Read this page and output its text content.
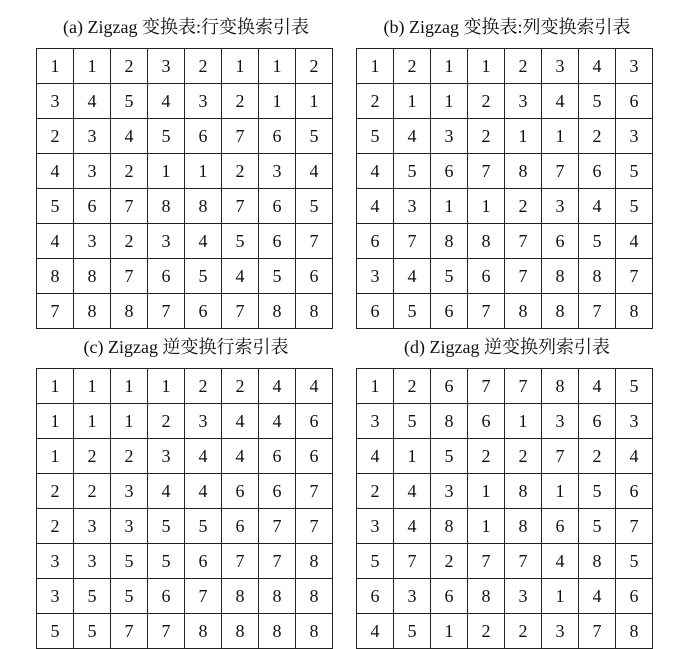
(a) Zigzag 变换表:行变换索引表
1	1	2	3	2	1	1	2
3	4	5	4	3	2	1	1
2	3	4	5	6	7	6	5
4	3	2	1	1	2	3	4
5	6	7	8	8	7	6	5
4	3	2	3	4	5	6	7
8	8	7	6	5	4	5	6
7	8	8	7	6	7	8	8
(b) Zigzag 变换表:列变换索引表
1	2	1	1	2	3	4	3
2	1	1	2	3	4	5	6
5	4	3	2	1	1	2	3
4	5	6	7	8	7	6	5
4	3	1	1	2	3	4	5
6	7	8	8	7	6	5	4
3	4	5	6	7	8	8	7
6	5	6	7	8	8	7	8
(c) Zigzag 逆变换行索引表
1	1	1	1	2	2	4	4
1	1	1	2	3	4	4	6
1	2	2	3	4	4	6	6
2	2	3	4	4	6	6	7
2	3	3	5	5	6	7	7
3	3	5	5	6	7	7	8
3	5	5	6	7	8	8	8
5	5	7	7	8	8	8	8
(d) Zigzag 逆变换列索引表
1	2	6	7	7	8	4	5
3	5	8	6	1	3	6	3
4	1	5	2	2	7	2	4
2	4	3	1	8	1	5	6
3	4	8	1	8	6	5	7
5	7	2	7	7	4	8	5
6	3	6	8	3	1	4	6
4	5	1	2	2	3	7	8
